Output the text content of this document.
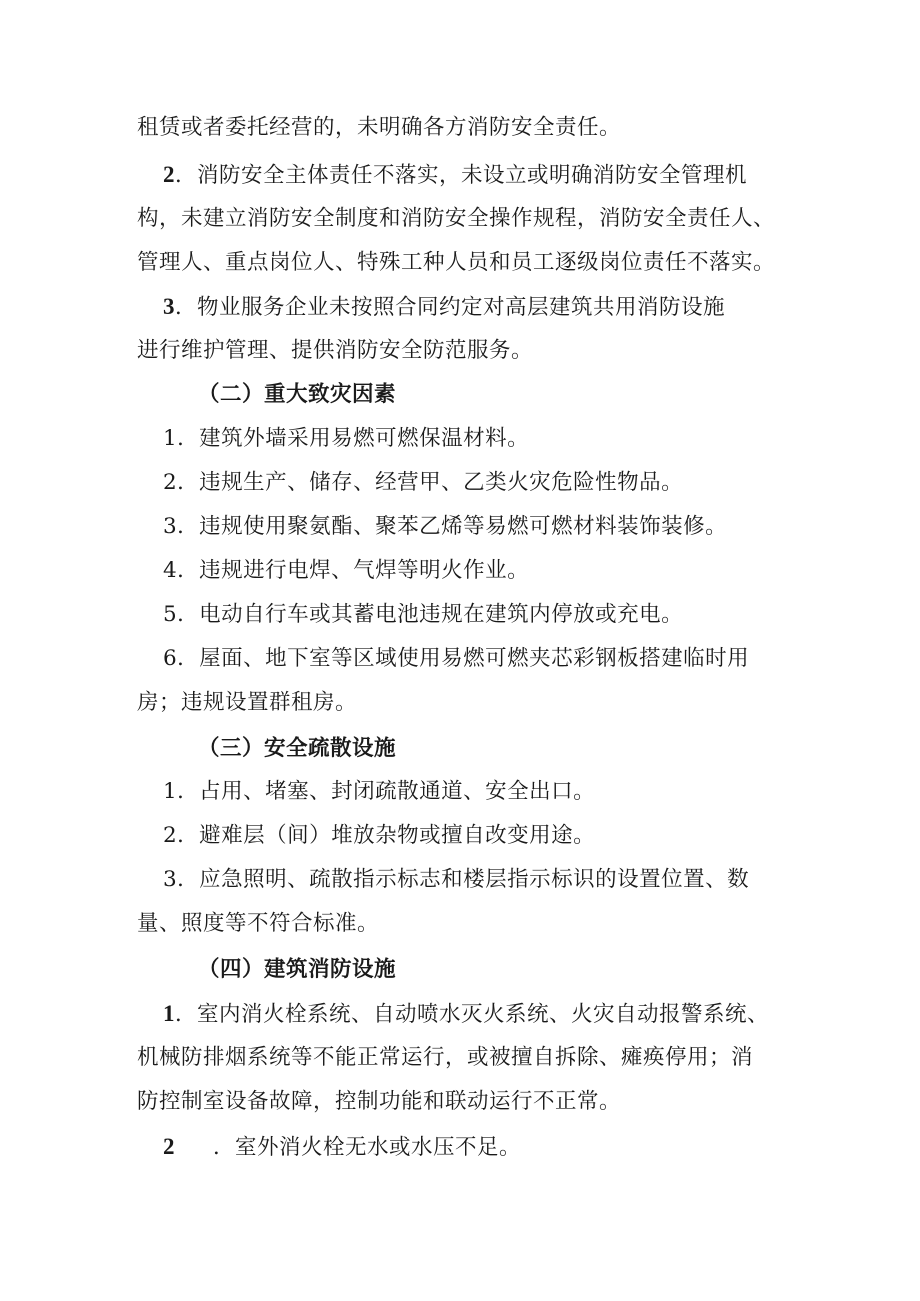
租赁或者委托经营的，未明确各方消防安全责任。
2．消防安全主体责任不落实，未设立或明确消防安全管理机
构，未建立消防安全制度和消防安全操作规程，消防安全责任人、
管理人、重点岗位人、特殊工种人员和员工逐级岗位责任不落实。
3．物业服务企业未按照合同约定对高层建筑共用消防设施
进行维护管理、提供消防安全防范服务。
（二）重大致灾因素
1．建筑外墙采用易燃可燃保温材料。
2．违规生产、储存、经营甲、乙类火灾危险性物品。
3．违规使用聚氨酯、聚苯乙烯等易燃可燃材料装饰装修。
4．违规进行电焊、气焊等明火作业。
5．电动自行车或其蓄电池违规在建筑内停放或充电。
6．屋面、地下室等区域使用易燃可燃夹芯彩钢板搭建临时用
房；违规设置群租房。
（三）安全疏散设施
1．占用、堵塞、封闭疏散通道、安全出口。
2．避难层（间）堆放杂物或擅自改变用途。
3．应急照明、疏散指示标志和楼层指示标识的设置位置、数
量、照度等不符合标准。
（四）建筑消防设施
1．室内消火栓系统、自动喷水灭火系统、火灾自动报警系统、
机械防排烟系统等不能正常运行，或被擅自拆除、瘫痪停用；消
防控制室设备故障，控制功能和联动运行不正常。
2 ．室外消火栓无水或水压不足。
